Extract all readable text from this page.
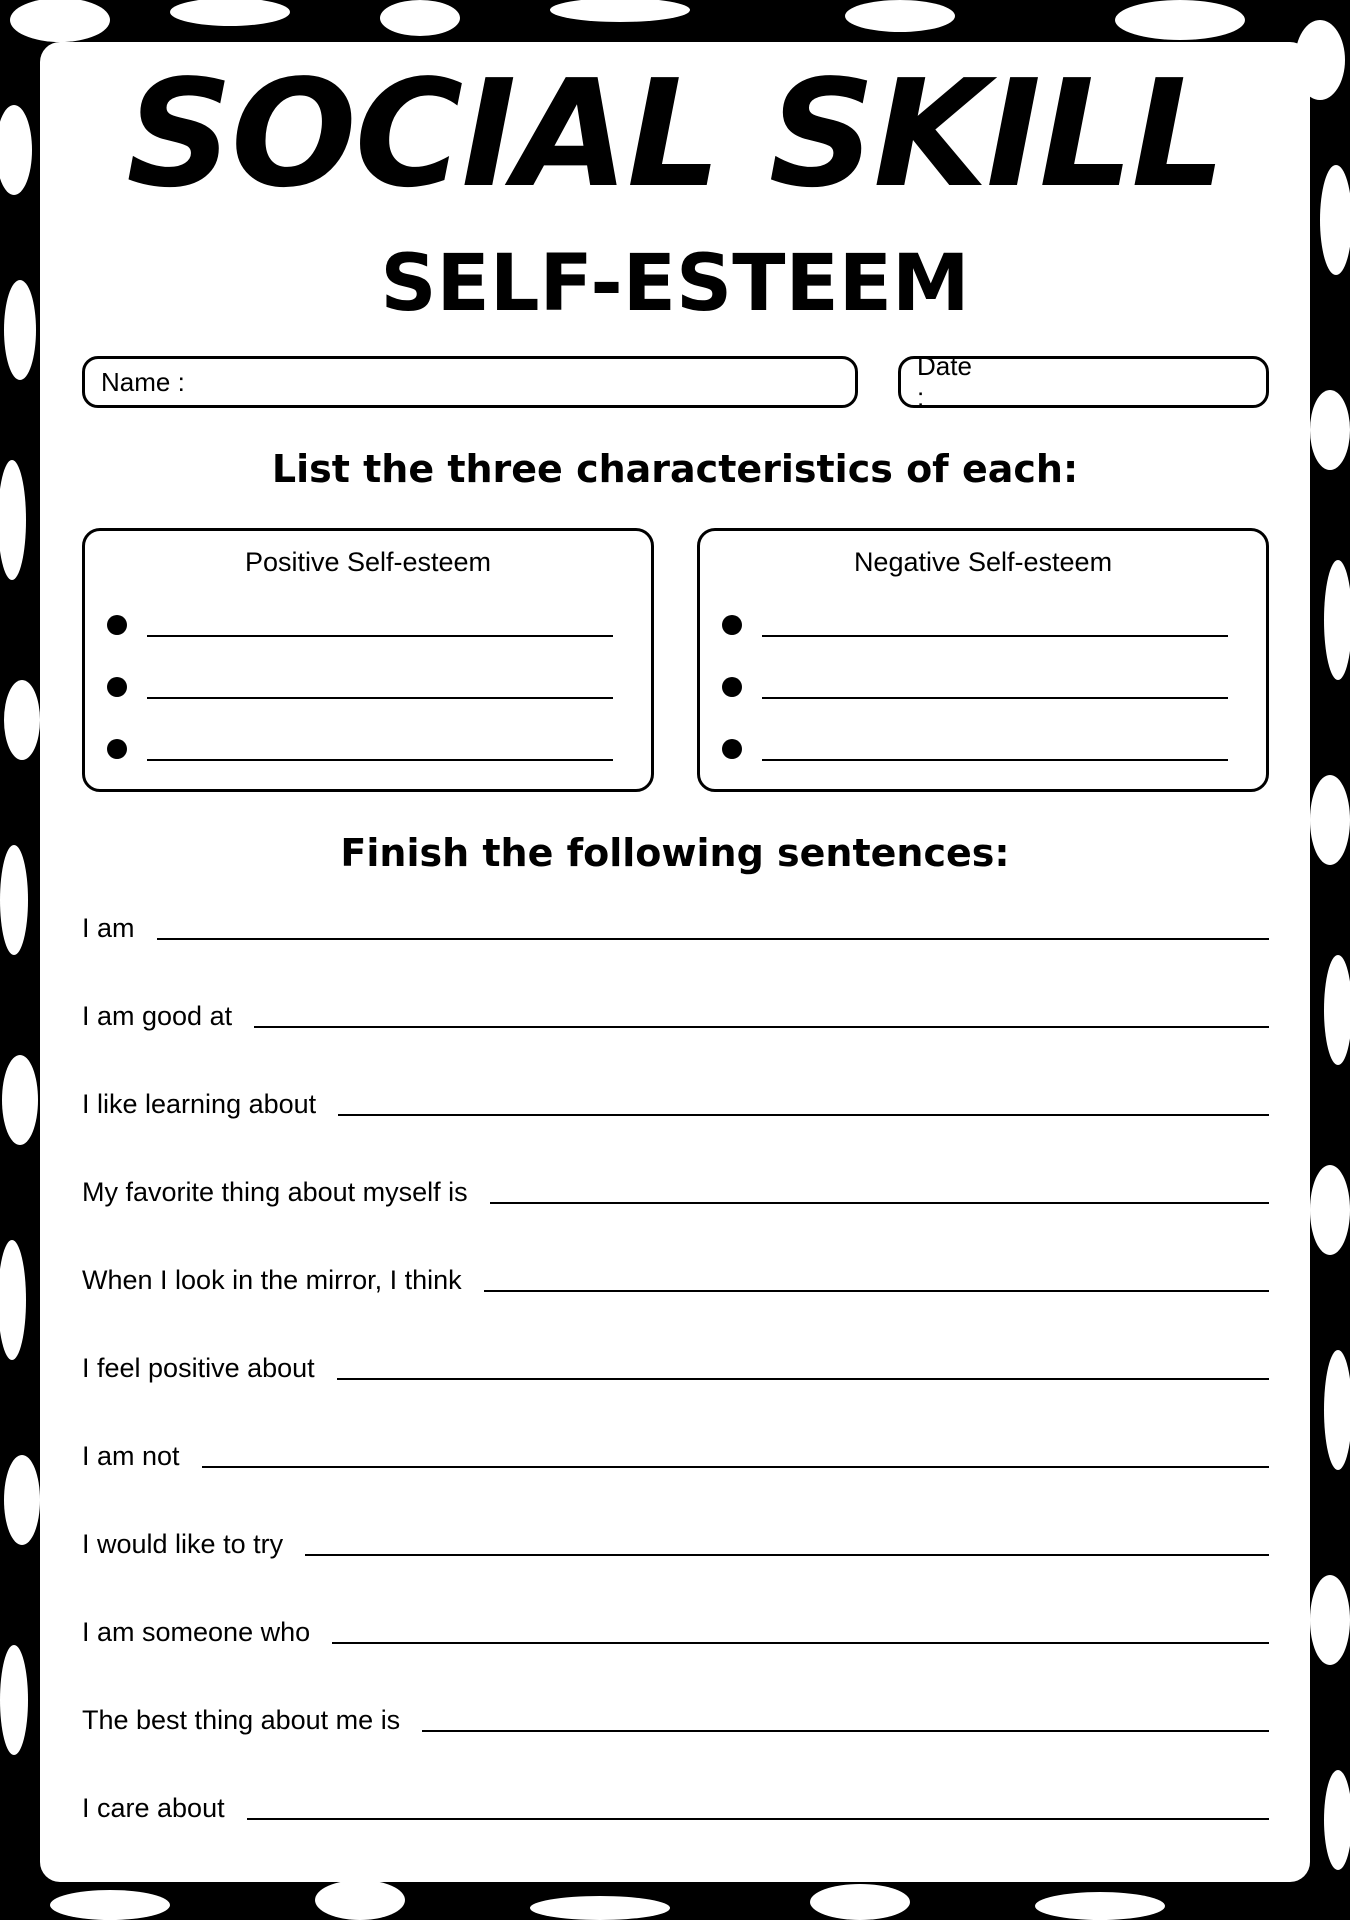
SOCIAL SKILL
SELF-ESTEEM
Name :
Date :
List the three characteristics of each:
Positive Self-esteem	Negative Self-esteem
Finish the following sentences:
I am
I am good at
I like learning about
My favorite thing about myself is
When I look in the mirror, I think
I feel positive about
I am not
I would like to try
I am someone who
The best thing about me is
I care about
